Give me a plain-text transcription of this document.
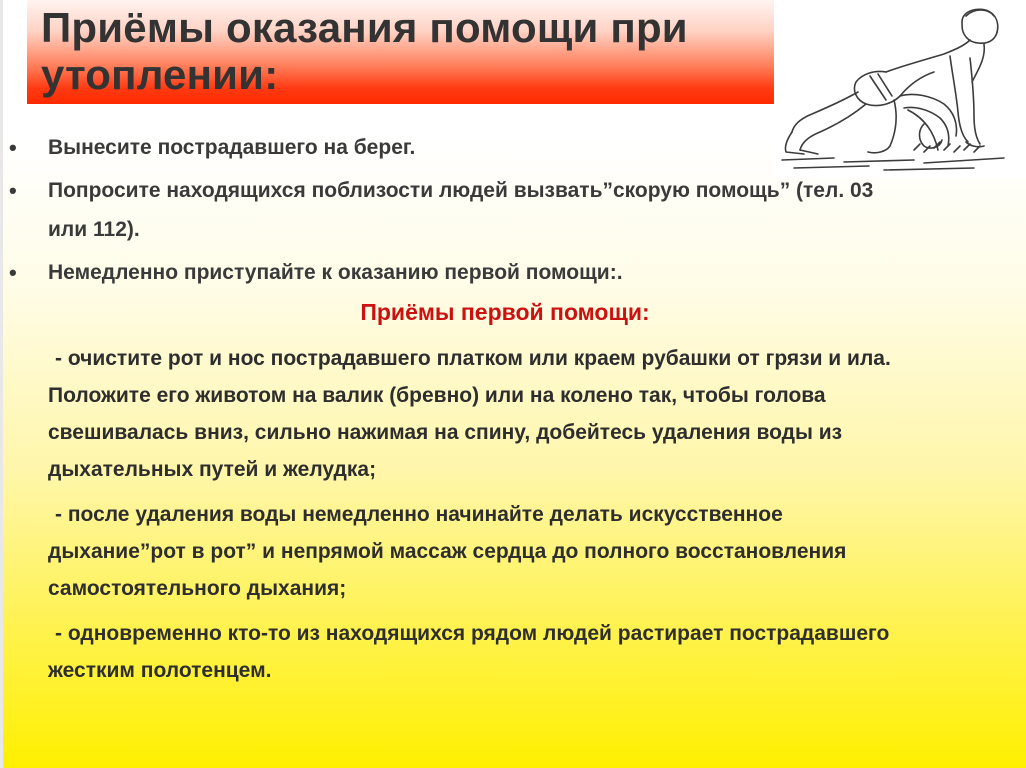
Приёмы оказания помощи при утоплении:
• Вынесите пострадавшего на берег.
• Попросите находящихся поблизости людей вызвать”скорую помощь” (тел. 03 или 112).
• Немедленно приступайте к оказанию первой помощи:.
Приёмы первой помощи:

- очистите рот и нос пострадавшего платком или краем рубашки от грязи и ила. Положите его животом на валик (бревно) или на колено так, чтобы голова свешивалась вниз, сильно нажимая на спину, добейтесь удаления воды из дыхательных путей и желудка;

- после удаления воды немедленно начинайте делать искусственное дыхание”рот в рот” и непрямой массаж сердца до полного восстановления самостоятельного дыхания;

- одновременно кто-то из находящихся рядом людей растирает пострадавшего жестким полотенцем.
